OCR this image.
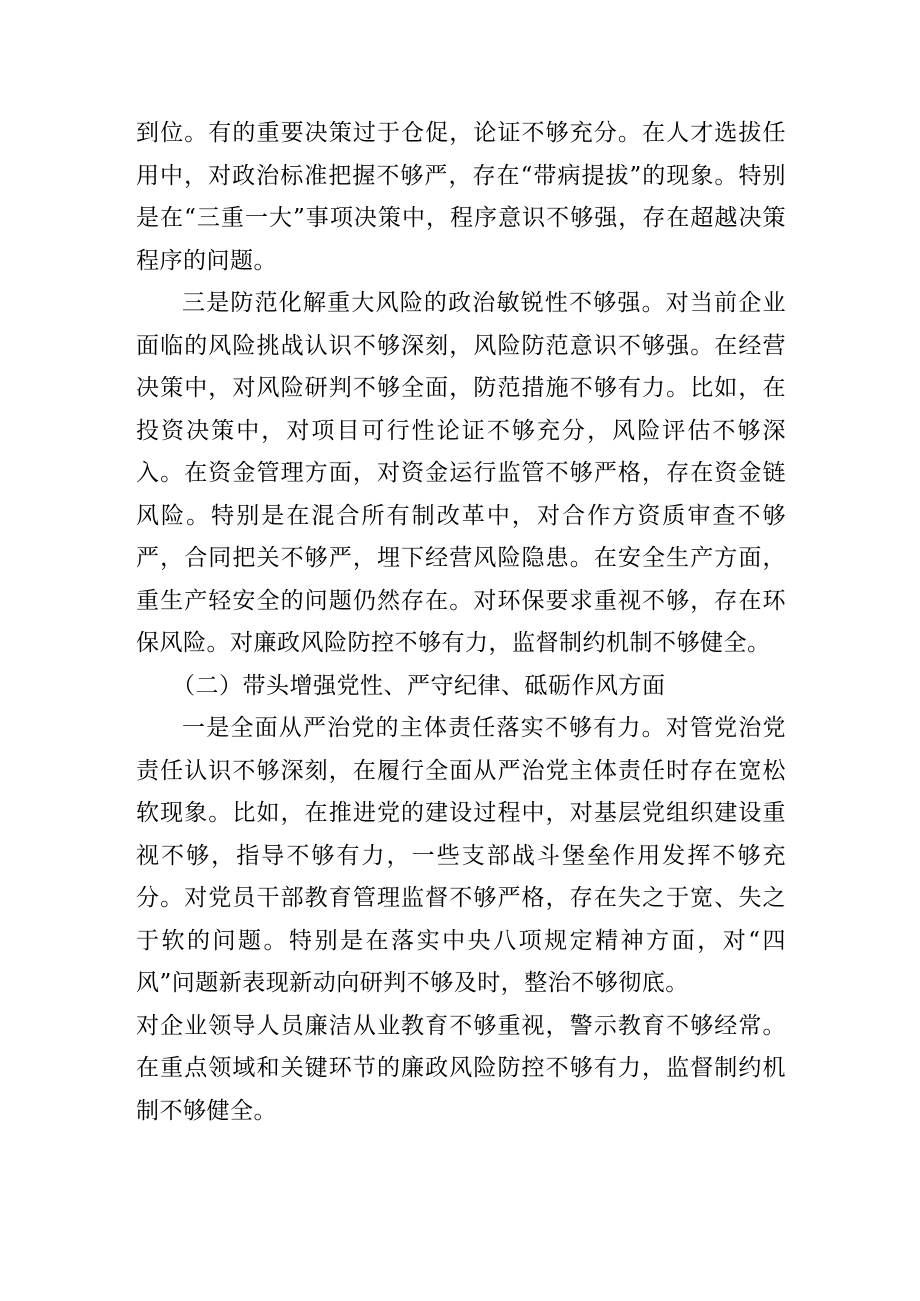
到位。有的重要决策过于仓促，论证不够充分。在人才选拔任用中，对政治标准把握不够严，存在“带病提拔”的现象。特别是在“三重一大”事项决策中，程序意识不够强，存在超越决策程序的问题。

三是防范化解重大风险的政治敏锐性不够强。对当前企业面临的风险挑战认识不够深刻，风险防范意识不够强。在经营决策中，对风险研判不够全面，防范措施不够有力。比如，在投资决策中，对项目可行性论证不够充分，风险评估不够深入。在资金管理方面，对资金运行监管不够严格，存在资金链风险。特别是在混合所有制改革中，对合作方资质审查不够严，合同把关不够严，埋下经营风险隐患。在安全生产方面，重生产轻安全的问题仍然存在。对环保要求重视不够，存在环保风险。对廉政风险防控不够有力，监督制约机制不够健全。

（二）带头增强党性、严守纪律、砥砺作风方面

一是全面从严治党的主体责任落实不够有力。对管党治党责任认识不够深刻，在履行全面从严治党主体责任时存在宽松软现象。比如，在推进党的建设过程中，对基层党组织建设重视不够，指导不够有力，一些支部战斗堡垒作用发挥不够充分。对党员干部教育管理监督不够严格，存在失之于宽、失之于软的问题。特别是在落实中央八项规定精神方面，对“四风”问题新表现新动向研判不够及时，整治不够彻底。

对企业领导人员廉洁从业教育不够重视，警示教育不够经常。在重点领域和关键环节的廉政风险防控不够有力，监督制约机制不够健全。
